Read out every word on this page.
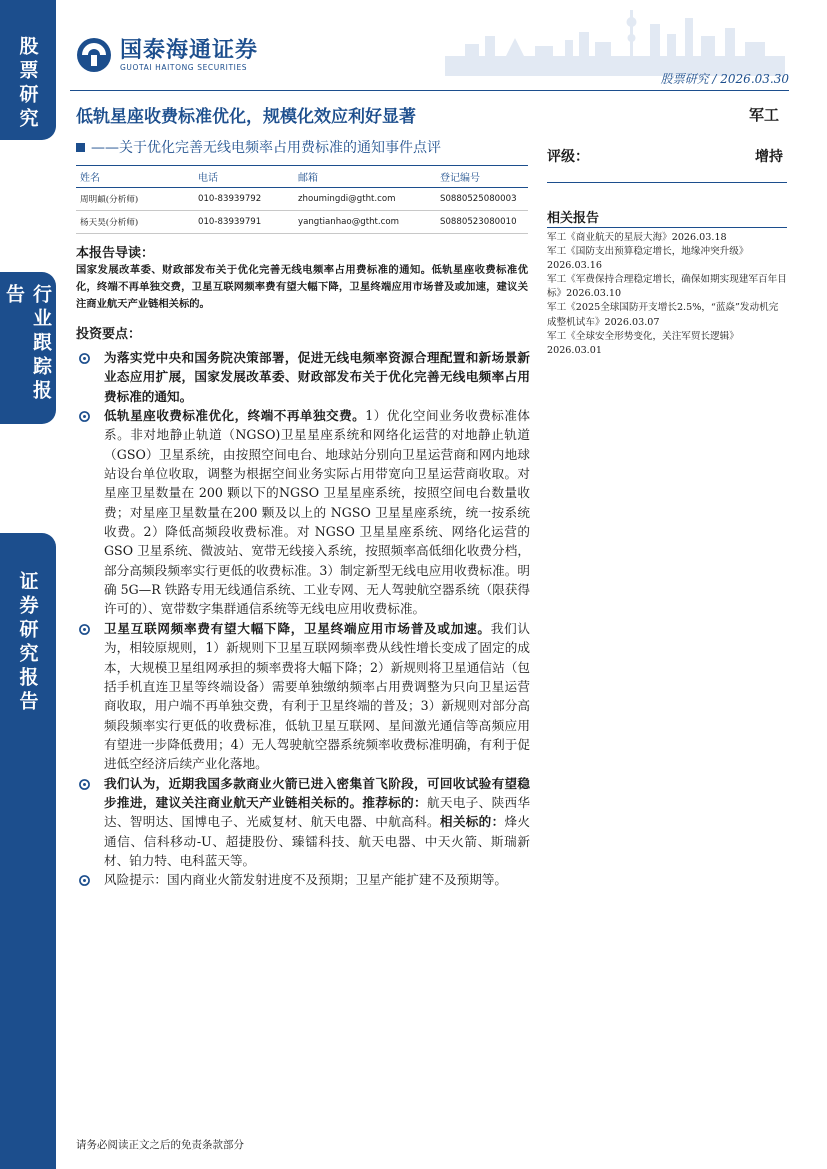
股票研究
行业跟踪报告
证券研究报告
国泰海通证券
GUOTAI HAITONG SECURITIES
股票研究 / 2026.03.30
低轨星座收费标准优化，规模化效应利好显著	军工
——关于优化完善无线电频率占用费标准的通知事件点评
评级：	增持
姓名	电话	邮箱	登记编号
周明頔(分析师)	010-83939792	zhoumingdi@gtht.com	S0880525080003
杨天昊(分析师)	010-83939791	yangtianhao@gtht.com	S0880523080010 相关报告
军工《商业航天的星辰大海》2026.03.18
军工《国防支出预算稳定增长，地缘冲突升级》2026.03.16
军工《军费保持合理稳定增长，确保如期实现建军百年目标》2026.03.10
军工《2025全球国防开支增长2.5%，“蓝焱”发动机完成整机试车》2026.03.07
军工《全球安全形势变化，关注军贸长逻辑》2026.03.01
本报告导读：
国家发展改革委、财政部发布关于优化完善无线电频率占用费标准的通知。低轨星座收费标准优化，终端不再单独交费，卫星互联网频率费有望大幅下降，卫星终端应用市场普及或加速，建议关注商业航天产业链相关标的。
投资要点：
为落实党中央和国务院决策部署，促进无线电频率资源合理配置和新场景新业态应用扩展，国家发展改革委、财政部发布关于优化完善无线电频率占用费标准的通知。
低轨星座收费标准优化，终端不再单独交费。1）优化空间业务收费标准体系。非对地静止轨道（NGSO)卫星星座系统和网络化运营的对地静止轨道（GSO）卫星系统，由按照空间电台、地球站分别向卫星运营商和网内地球站设台单位收取，调整为根据空间业务实际占用带宽向卫星运营商收取。对星座卫星数量在 200 颗以下的NGSO 卫星星座系统，按照空间电台数量收费；对星座卫星数量在200 颗及以上的 NGSO 卫星星座系统，统一按系统收费。2）降低高频段收费标准。对 NGSO 卫星星座系统、网络化运营的 GSO 卫星系统、微波站、宽带无线接入系统，按照频率高低细化收费分档，部分高频段频率实行更低的收费标准。3）制定新型无线电应用收费标准。明确 5G—R 铁路专用无线通信系统、工业专网、无人驾驶航空器系统（限获得许可的）、宽带数字集群通信系统等无线电应用收费标准。
卫星互联网频率费有望大幅下降，卫星终端应用市场普及或加速。我们认为，相较原规则，1）新规则下卫星互联网频率费从线性增长变成了固定的成本，大规模卫星组网承担的频率费将大幅下降；2）新规则将卫星通信站（包括手机直连卫星等终端设备）需要单独缴纳频率占用费调整为只向卫星运营商收取，用户端不再单独交费，有利于卫星终端的普及；3）新规则对部分高频段频率实行更低的收费标准，低轨卫星互联网、星间激光通信等高频应用有望进一步降低费用；4）无人驾驶航空器系统频率收费标准明确，有利于促进低空经济后续产业化落地。
我们认为，近期我国多款商业火箭已进入密集首飞阶段，可回收试验有望稳步推进，建议关注商业航天产业链相关标的。推荐标的：航天电子、陕西华达、智明达、国博电子、光威复材、航天电器、中航高科。相关标的：烽火通信、信科移动-U、超捷股份、臻镭科技、航天电器、中天火箭、斯瑞新材、铂力特、电科蓝天等。
风险提示：国内商业火箭发射进度不及预期；卫星产能扩建不及预期等。
请务必阅读正文之后的免责条款部分
